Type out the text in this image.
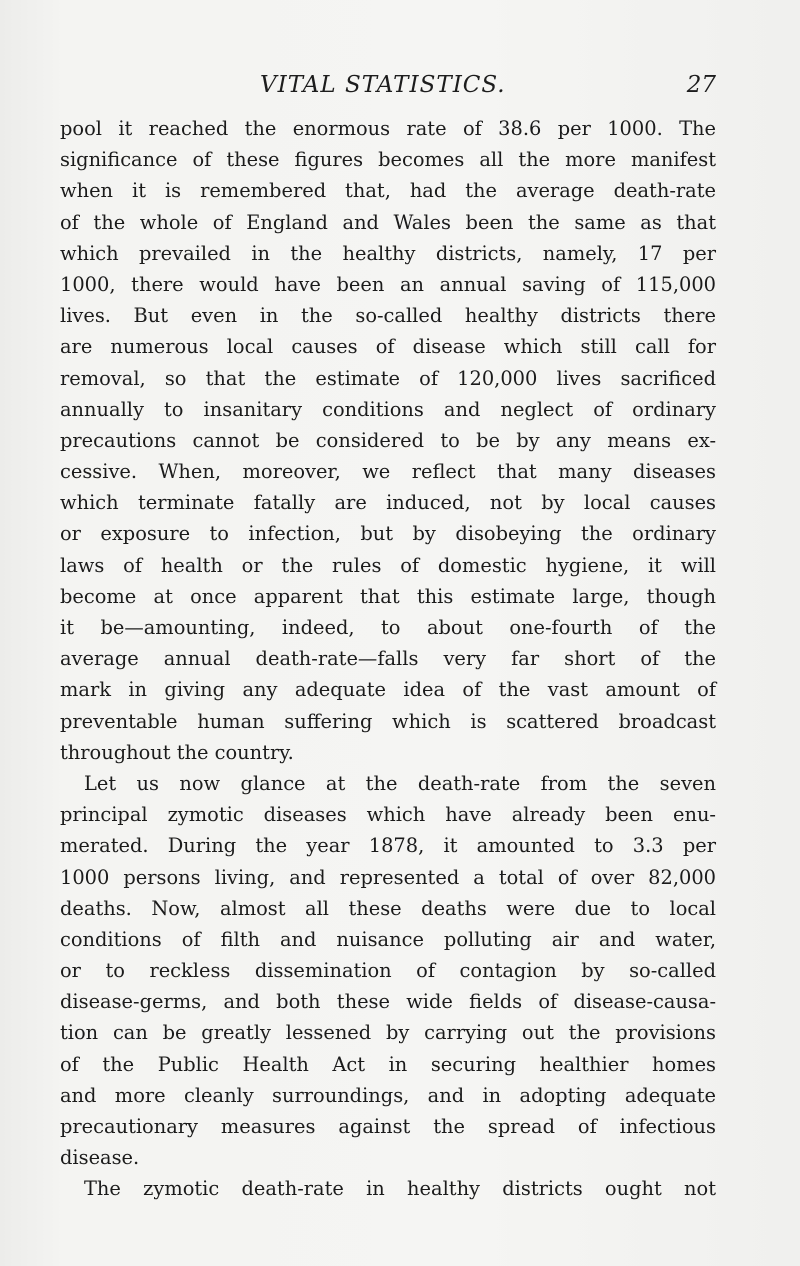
VITAL STATISTICS.	27
pool it reached the enormous rate of 38.6 per 1000. The
significance of these figures becomes all the more manifest
when it is remembered that, had the average death-rate
of the whole of England and Wales been the same as that
which prevailed in the healthy districts, namely, 17 per
1000, there would have been an annual saving of 115,000
lives. But even in the so-called healthy districts there
are numerous local causes of disease which still call for
removal, so that the estimate of 120,000 lives sacrificed
annually to insanitary conditions and neglect of ordinary
precautions cannot be considered to be by any means ex-
cessive. When, moreover, we reflect that many diseases
which terminate fatally are induced, not by local causes
or exposure to infection, but by disobeying the ordinary
laws of health or the rules of domestic hygiene, it will
become at once apparent that this estimate large, though
it be—amounting, indeed, to about one-fourth of the
average annual death-rate—falls very far short of the
mark in giving any adequate idea of the vast amount of
preventable human suffering which is scattered broadcast
throughout the country.
Let us now glance at the death-rate from the seven
principal zymotic diseases which have already been enu-
merated. During the year 1878, it amounted to 3.3 per
1000 persons living, and represented a total of over 82,000
deaths. Now, almost all these deaths were due to local
conditions of filth and nuisance polluting air and water,
or to reckless dissemination of contagion by so-called
disease-germs, and both these wide fields of disease-causa-
tion can be greatly lessened by carrying out the provisions
of the Public Health Act in securing healthier homes
and more cleanly surroundings, and in adopting adequate
precautionary measures against the spread of infectious
disease.
The zymotic death-rate in healthy districts ought not
